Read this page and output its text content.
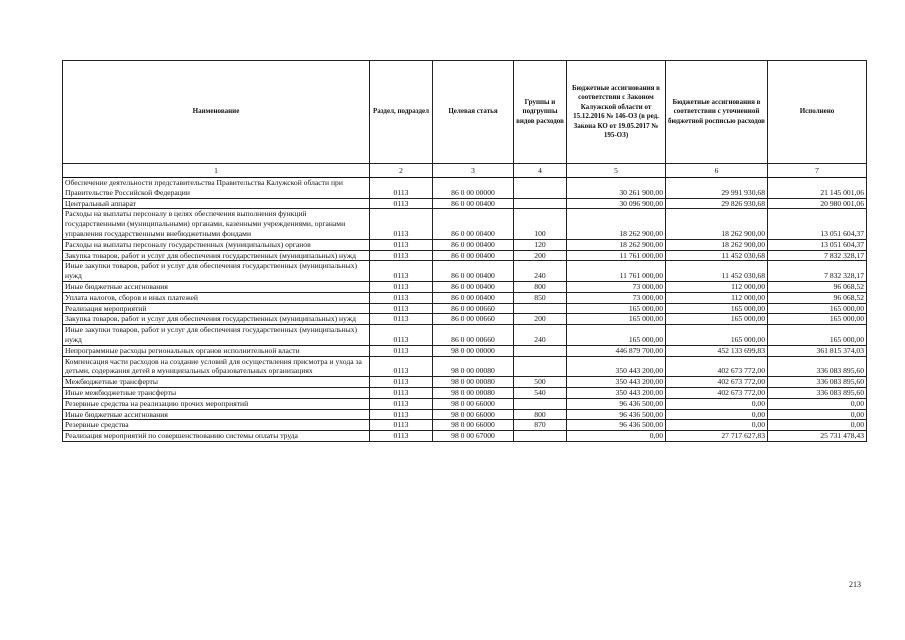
Наименование	Раздел, подраздел	Целевая статья	Группы и подгруппы видов расходов	Бюджетные ассигнования в соответствии с Законом Калужской области от 15.12.2016 № 146-ОЗ (в ред. Закона КО от 19.05.2017 № 195-ОЗ)	Бюджетные ассигнования в соответствии с уточненной бюджетной росписью расходов	Исполнено
1	2	3	4	5	6	7
Обеспечение деятельности представительства Правительства Калужской области при Правительстве Российской Федерации	0113	86 0 00 00000		30 261 900,00	29 991 930,68	21 145 001,06
Центральный аппарат	0113	86 0 00 00400		30 096 900,00	29 826 930,68	20 980 001,06
Расходы на выплаты персоналу в целях обеспечения выполнения функций государственными (муниципальными) органами, казенными учреждениями, органами управления государственными внебюджетными фондами	0113	86 0 00 00400	100	18 262 900,00	18 262 900,00	13 051 604,37
Расходы на выплаты персоналу государственных (муниципальных) органов	0113	86 0 00 00400	120	18 262 900,00	18 262 900,00	13 051 604,37
Закупка товаров, работ и услуг для обеспечения государственных (муниципальных) нужд	0113	86 0 00 00400	200	11 761 000,00	11 452 030,68	7 832 328,17
Иные закупки товаров, работ и услуг для обеспечения государственных (муниципальных) нужд	0113	86 0 00 00400	240	11 761 000,00	11 452 030,68	7 832 328,17
Иные бюджетные ассигнования	0113	86 0 00 00400	800	73 000,00	112 000,00	96 068,52
Уплата налогов, сборов и иных платежей	0113	86 0 00 00400	850	73 000,00	112 000,00	96 068,52
Реализация мероприятий	0113	86 0 00 00660		165 000,00	165 000,00	165 000,00
Закупка товаров, работ и услуг для обеспечения государственных (муниципальных) нужд	0113	86 0 00 00660	200	165 000,00	165 000,00	165 000,00
Иные закупки товаров, работ и услуг для обеспечения государственных (муниципальных) нужд	0113	86 0 00 00660	240	165 000,00	165 000,00	165 000,00
Непрограммные расходы региональных органов исполнительной власти	0113	98 0 00 00000		446 879 700,00	452 133 699,83	361 815 374,03
Компенсация части расходов на создание условий для осуществления присмотра и ухода за детьми, содержания детей в муниципальных образовательных организациях	0113	98 0 00 00080		350 443 200,00	402 673 772,00	336 083 895,60
Межбюджетные трансферты	0113	98 0 00 00080	500	350 443 200,00	402 673 772,00	336 083 895,60
Иные межбюджетные трансферты	0113	98 0 00 00080	540	350 443 200,00	402 673 772,00	336 083 895,60
Резервные средства на реализацию прочих мероприятий	0113	98 0 00 66000		96 436 500,00	0,00	0,00
Иные бюджетные ассигнования	0113	98 0 00 66000	800	96 436 500,00	0,00	0,00
Резервные средства	0113	98 0 00 66000	870	96 436 500,00	0,00	0,00
Реализация мероприятий по совершенствованию системы оплаты труда	0113	98 0 00 67000		0,00	27 717 627,83	25 731 478,43
213
